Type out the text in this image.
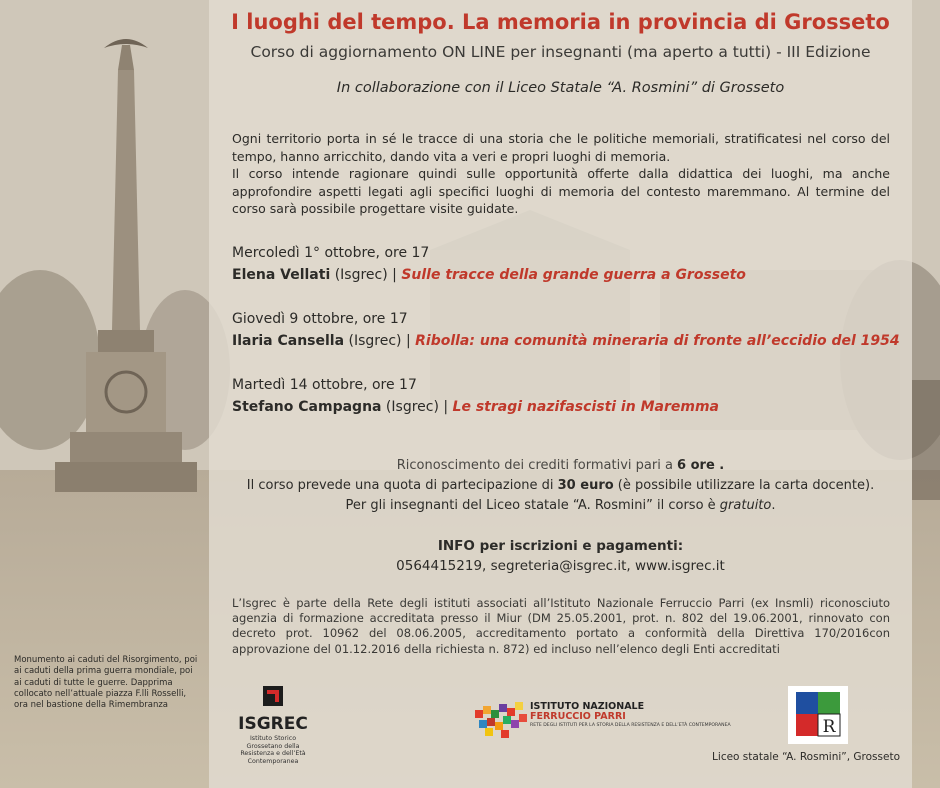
I luoghi del tempo. La memoria in provincia di Grosseto
Corso di aggiornamento ON LINE per insegnanti (ma aperto a tutti) - III Edizione
In collaborazione con il Liceo Statale “A. Rosmini” di Grosseto

Ogni territorio porta in sé le tracce di una storia che le politiche memoriali, stratificatesi nel corso del tempo, hanno arricchito, dando vita a veri e propri luoghi di memoria.

Il corso intende ragionare quindi sulle opportunità offerte dalla didattica dei luoghi, ma anche approfondire aspetti legati agli specifici luoghi di memoria del contesto maremmano. Al termine del corso sarà possibile progettare visite guidate.

Mercoledì 1° ottobre, ore 17
Elena Vellati (Isgrec) | Sulle tracce della grande guerra a Grosseto
Giovedì 9 ottobre, ore 17
Ilaria Cansella (Isgrec) | Ribolla: una comunità mineraria di fronte all’eccidio del 1954
Martedì 14 ottobre, ore 17
Stefano Campagna (Isgrec) | Le stragi nazifascisti in Maremma
Riconoscimento dei crediti formativi pari a 6 ore .
Il corso prevede una quota di partecipazione di 30 euro (è possibile utilizzare la carta docente).
Per gli insegnanti del Liceo statale “A. Rosmini” il corso è gratuito.
INFO per iscrizioni e pagamenti:
0564415219, segreteria@isgrec.it, www.isgrec.it
L’Isgrec è parte della Rete degli istituti associati all’Istituto Nazionale Ferruccio Parri (ex Insmli) riconosciuto agenzia di formazione accreditata presso il Miur (DM 25.05.2001, prot. n. 802 del 19.06.2001, rinnovato con decreto prot. 10962 del 08.06.2005, accreditamento portato a conformità della Direttiva 170/2016con approvazione del 01.12.2016 della richiesta n. 872) ed incluso nell’elenco degli Enti accreditati
Monumento ai caduti del Risorgimento, poi ai caduti della prima guerra mondiale, poi ai caduti di tutte le guerre. Dapprima collocato nell’attuale piazza F.lli Rosselli, ora nel bastione della Rimembranza
ISGREC
Istituto Storico Grossetano della Resistenza e dell’Età Contemporanea
ISTITUTO NAZIONALE
FERRUCCIO PARRI
RETE DEGLI ISTITUTI PER LA STORIA DELLA RESISTENZA E DELL’ETÀ CONTEMPORANEA	R
Liceo statale “A. Rosmini”, Grosseto
